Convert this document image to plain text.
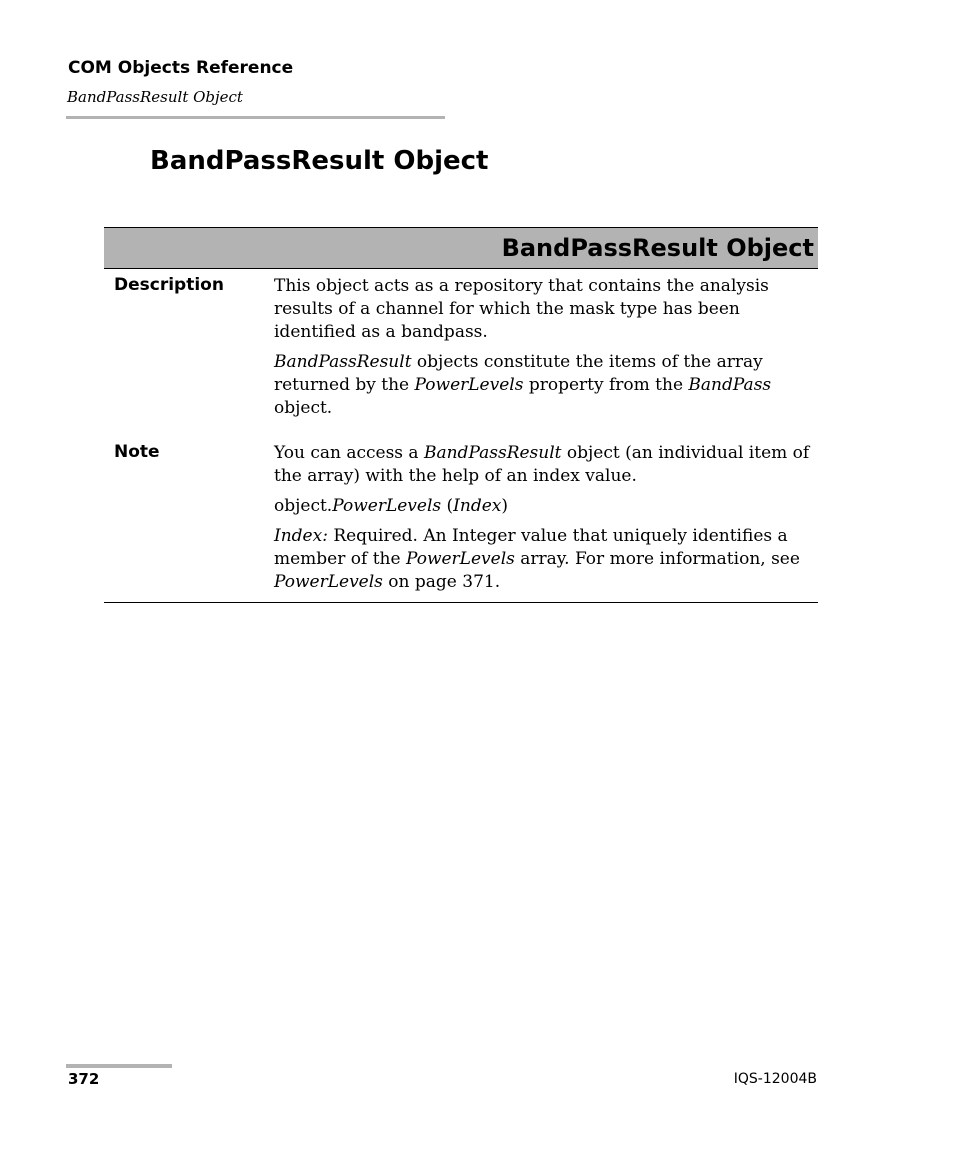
COM Objects Reference
BandPassResult Object
BandPassResult Object
BandPassResult Object
Description	This object acts as a repository that contains the analysis results of a channel for which the mask type has been identified as a bandpass.

BandPassResult objects constitute the items of the array returned by the PowerLevels property from the BandPass object.

Note	You can access a BandPassResult object (an individual item of the array) with the help of an index value.

object.PowerLevels (Index)

Index: Required. An Integer value that uniquely identifies a member of the PowerLevels array. For more information, see PowerLevels on page 371.

372	IQS-12004B
